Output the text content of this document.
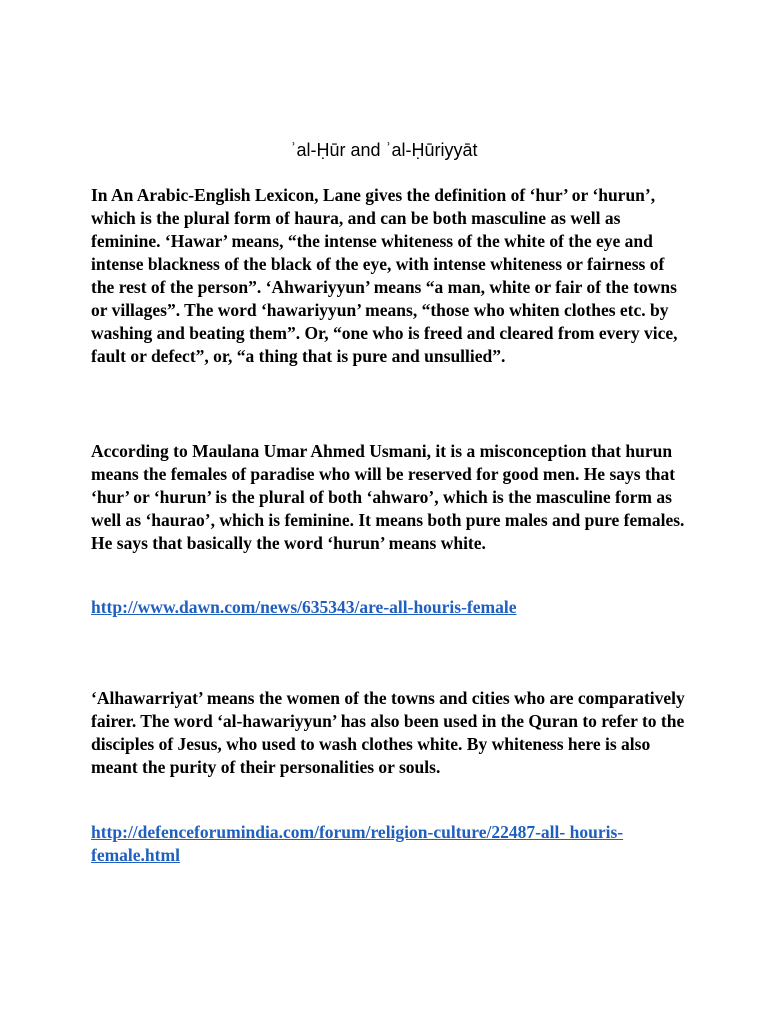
ʾal-Ḥūr and ʾal-Ḥūriyyāt

In An Arabic-English Lexicon, Lane gives the definition of ‘hur’ or ‘hurun’, which is the plural form of haura, and can be both masculine as well as feminine. ‘Hawar’ means, “the intense whiteness of the white of the eye and intense blackness of the black of the eye, with intense whiteness or fairness of the rest of the person”. ‘Ahwariyyun’ means “a man, white or fair of the towns or villages”. The word ‘hawariyyun’ means, “those who whiten clothes etc. by washing and beating them”. Or, “one who is freed and cleared from every vice, fault or defect”, or, “a thing that is pure and unsullied”.

According to Maulana Umar Ahmed Usmani, it is a misconception that hurun means the females of paradise who will be reserved for good men. He says that ‘hur’ or ‘hurun’ is the plural of both ‘ahwaro’, which is the masculine form as well as ‘haurao’, which is feminine. It means both pure males and pure females. He says that basically the word ‘hurun’ means white.

http://www.dawn.com/news/635343/are-all-houris-female

‘Alhawarriyat’ means the women of the towns and cities who are comparatively fairer. The word ‘al-hawariyyun’ has also been used in the Quran to refer to the disciples of Jesus, who used to wash clothes white. By whiteness here is also meant the purity of their personalities or souls.

http://defenceforumindia.com/forum/religion-culture/22487-all- houris-female.html
